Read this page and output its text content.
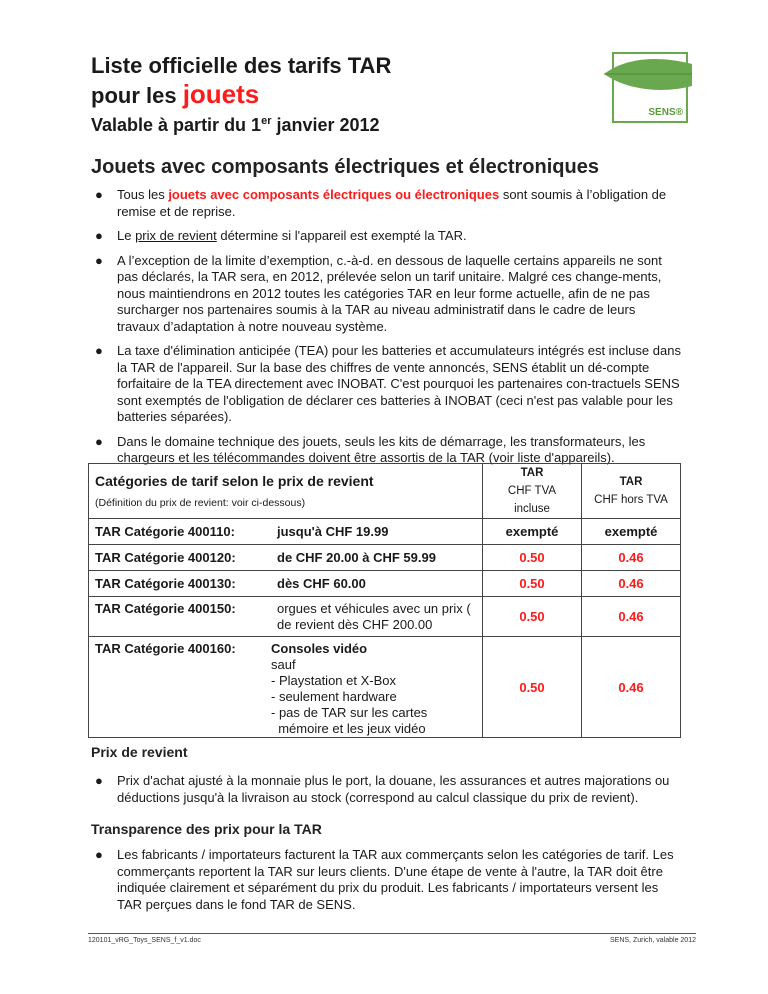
Liste officielle des tarifs TAR
pour les jouets
Valable à partir du 1er janvier 2012
SENS®
Jouets avec composants électriques et électroniques
● Tous les jouets avec composants électriques ou électroniques sont soumis à l’obligation de remise et de reprise.
● Le prix de revient détermine si l'appareil est exempté la TAR.
● A l’exception de la limite d’exemption, c.-à-d. en dessous de laquelle certains appareils ne sont pas déclarés, la TAR sera, en 2012, prélevée selon un tarif unitaire. Malgré ces change-ments, nous maintiendrons en 2012 toutes les catégories TAR en leur forme actuelle, afin de ne pas surcharger nos partenaires soumis à la TAR au niveau administratif dans le cadre de leurs travaux d’adaptation à notre nouveau système.
● La taxe d'élimination anticipée (TEA) pour les batteries et accumulateurs intégrés est incluse dans la TAR de l'appareil. Sur la base des chiffres de vente annoncés, SENS établit un dé-compte forfaitaire de la TEA directement avec INOBAT. C'est pourquoi les partenaires con-tractuels SENS sont exemptés de l'obligation de déclarer ces batteries à INOBAT (ceci n'est pas valable pour les batteries séparées).
● Dans le domaine technique des jouets, seuls les kits de démarrage, les transformateurs, les chargeurs et les télécommandes doivent être assortis de la TAR (voir liste d'appareils).
Catégories de tarif selon le prix de revient
(Définition du prix de revient: voir ci-dessous)

TAR
CHF TVA incluse

TAR
CHF hors TVA

TAR Catégorie 400110:	jusqu'à CHF 19.99	exempté	exempté
TAR Catégorie 400120:	de CHF 20.00 à CHF 59.99	0.50	0.46
TAR Catégorie 400130:	dès CHF 60.00	0.50	0.46
TAR Catégorie 400150:	orgues et véhicules avec un prix (
de revient dès CHF 200.00	0.50	0.46
TAR Catégorie 400160:	Consoles vidéo
sauf
- Playstation et X-Box
- seulement hardware
- pas de TAR sur les cartes
mémoire et les jeux vidéo
	0.50	0.46
Prix de revient
● Prix d'achat ajusté à la monnaie plus le port, la douane, les assurances et autres majorations ou déductions jusqu'à la livraison au stock (correspond au calcul classique du prix de revient).
Transparence des prix pour la TAR
● Les fabricants / importateurs facturent la TAR aux commerçants selon les catégories de tarif. Les commerçants reportent la TAR sur leurs clients. D'une étape de vente à l'autre, la TAR doit être indiquée clairement et séparément du prix du produit. Les fabricants / importateurs versent les TAR perçues dans le fond TAR de SENS.
120101_vRG_Toys_SENS_f_v1.doc	SENS, Zurich, valable 2012
